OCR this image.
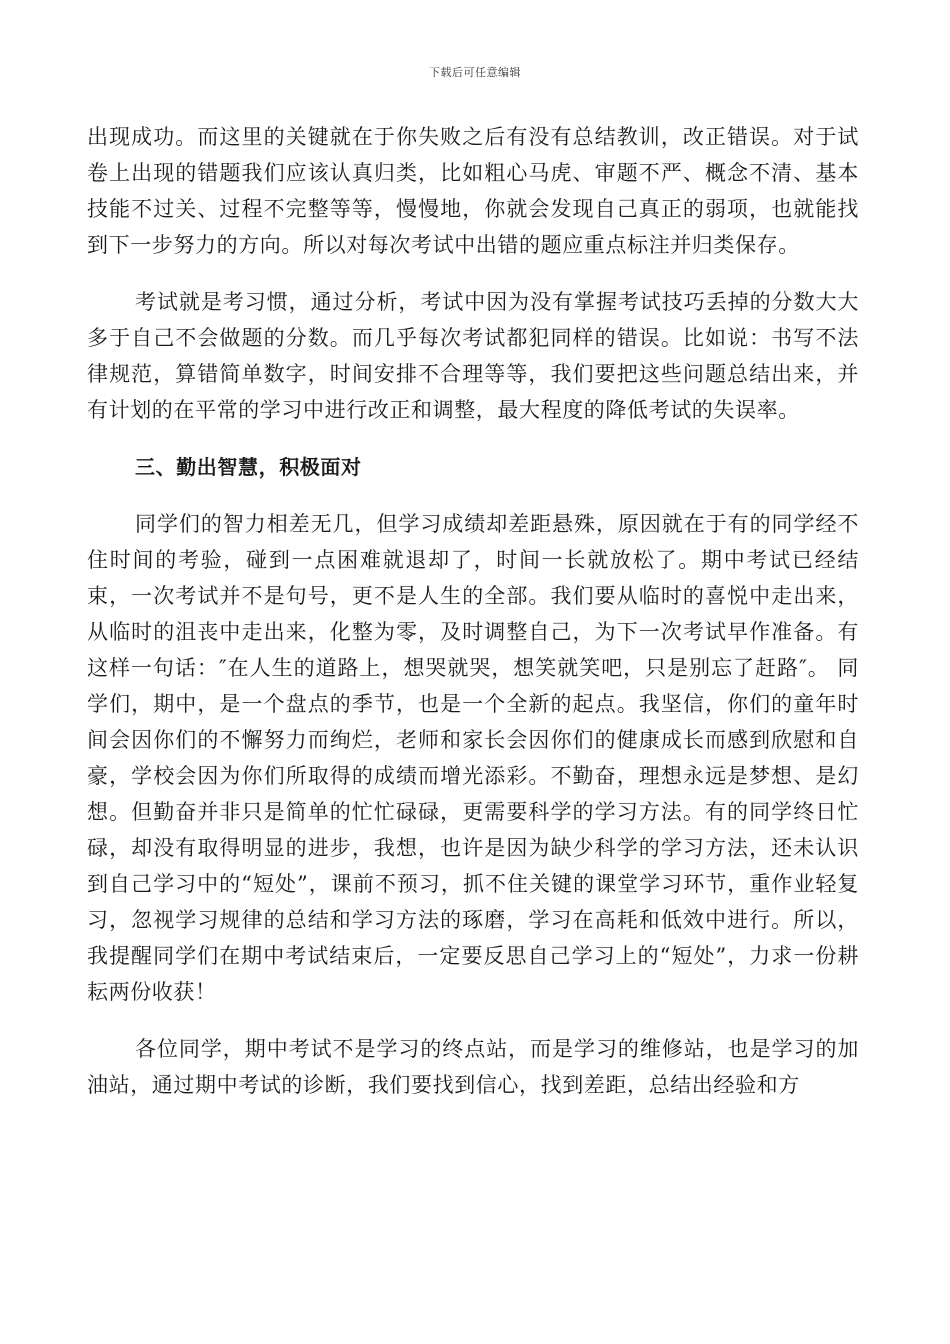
下载后可任意编辑

出现成功。而这里的关键就在于你失败之后有没有总结教训，改正错误。对于试卷上出现的错题我们应该认真归类，比如粗心马虎、审题不严、概念不清、基本技能不过关、过程不完整等等，慢慢地，你就会发现自己真正的弱项，也就能找到下一步努力的方向。所以对每次考试中出错的题应重点标注并归类保存。

考试就是考习惯，通过分析，考试中因为没有掌握考试技巧丢掉的分数大大多于自己不会做题的分数。而几乎每次考试都犯同样的错误。比如说：书写不法律规范，算错简单数字，时间安排不合理等等，我们要把这些问题总结出来，并有计划的在平常的学习中进行改正和调整，最大程度的降低考试的失误率。

三、勤出智慧，积极面对

同学们的智力相差无几，但学习成绩却差距悬殊，原因就在于有的同学经不住时间的考验，碰到一点困难就退却了，时间一长就放松了。期中考试已经结束，一次考试并不是句号，更不是人生的全部。我们要从临时的喜悦中走出来，从临时的沮丧中走出来，化整为零，及时调整自己，为下一次考试早作准备。有这样一句话：″在人生的道路上，想哭就哭，想笑就笑吧，只是别忘了赶路″。 同学们，期中，是一个盘点的季节，也是一个全新的起点。我坚信，你们的童年时间会因你们的不懈努力而绚烂，老师和家长会因你们的健康成长而感到欣慰和自豪，学校会因为你们所取得的成绩而增光添彩。不勤奋，理想永远是梦想、是幻想。但勤奋并非只是简单的忙忙碌碌，更需要科学的学习方法。有的同学终日忙碌，却没有取得明显的进步，我想，也许是因为缺少科学的学习方法，还未认识到自己学习中的“短处”，课前不预习，抓不住关键的课堂学习环节，重作业轻复习，忽视学习规律的总结和学习方法的琢磨，学习在高耗和低效中进行。所以，我提醒同学们在期中考试结束后，一定要反思自己学习上的“短处”，力求一份耕耘两份收获！

各位同学，期中考试不是学习的终点站，而是学习的维修站，也是学习的加油站，通过期中考试的诊断，我们要找到信心，找到差距，总结出经验和方
